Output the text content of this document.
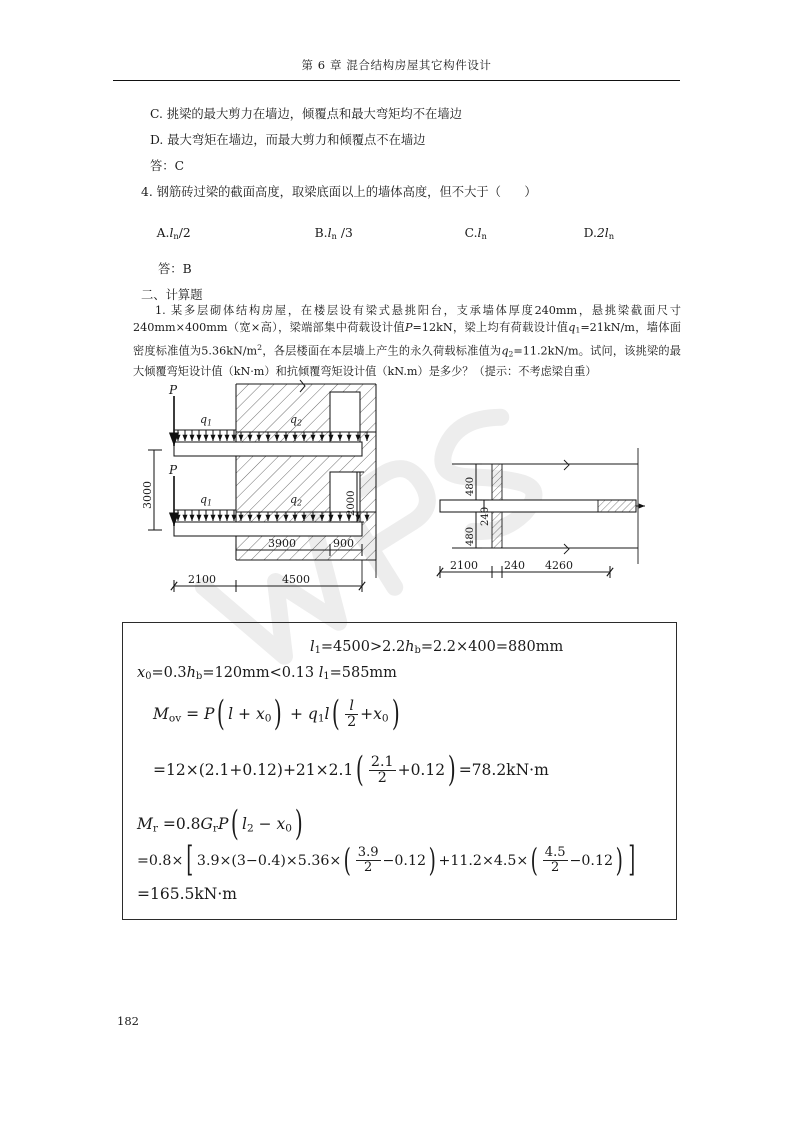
第 6 章 混合结构房屋其它构件设计
C. 挑梁的最大剪力在墙边，倾覆点和最大弯矩均不在墙边
D. 最大弯矩在墙边，而最大剪力和倾覆点不在墙边
答：C
4. 钢筋砖过梁的截面高度，取梁底面以上的墙体高度，但不大于（      ）

$A.l_n/2$
	$B.l_n$ /3
	$C.l_n$
	$D.2l_n$

答：B
二、计算题
1. 某多层砌体结构房屋，在楼层设有梁式悬挑阳台，支承墙体厚度240mm，悬挑梁截面尺寸240mm×400mm（宽×高），梁端部集中荷载设计值P=12kN，梁上均有荷载设计值$q_1=21kN/m$，墙体面密度标准值为$5.36kN/m^2$，各层楼面在本层墙上产生的永久荷载标准值为$q_2=11.2kN/m$。试问，该挑梁的最大倾覆弯矩设计值（kN·m）和抗倾覆弯矩设计值（kN.m）是多少？（提示：不考虑梁自重）
P
P
$q_1$
$q_1$
$q_2$
$q_2$
3000	2000
3900	900
2100	4500
480
480
240
2100 240 4260
$l_1=4500>2.2h_b=2.2\times 400=880mm$
$x_0=0.3h_b=120mm<0.13$ $l_1=585mm$
$M_{ov} = P$( $l + x_0) + q_1l( \frac{l}{2} +x_0)$
$=12\times(2.1+0.12)+21\times 2.1( \frac{2.1}{2} +0.12) =78.2kN\cdot m$
$M_r =0.8G_rP$( $l_2 - x_0$)
=0.8×[ $3.9\times(3-0.4)\times 5.36\times( \frac{3.9}{2} -0.12) +11.2\times 4.5\times( \frac{4.5}{2} -0.12)$ ]
=165.5kN·m
182
